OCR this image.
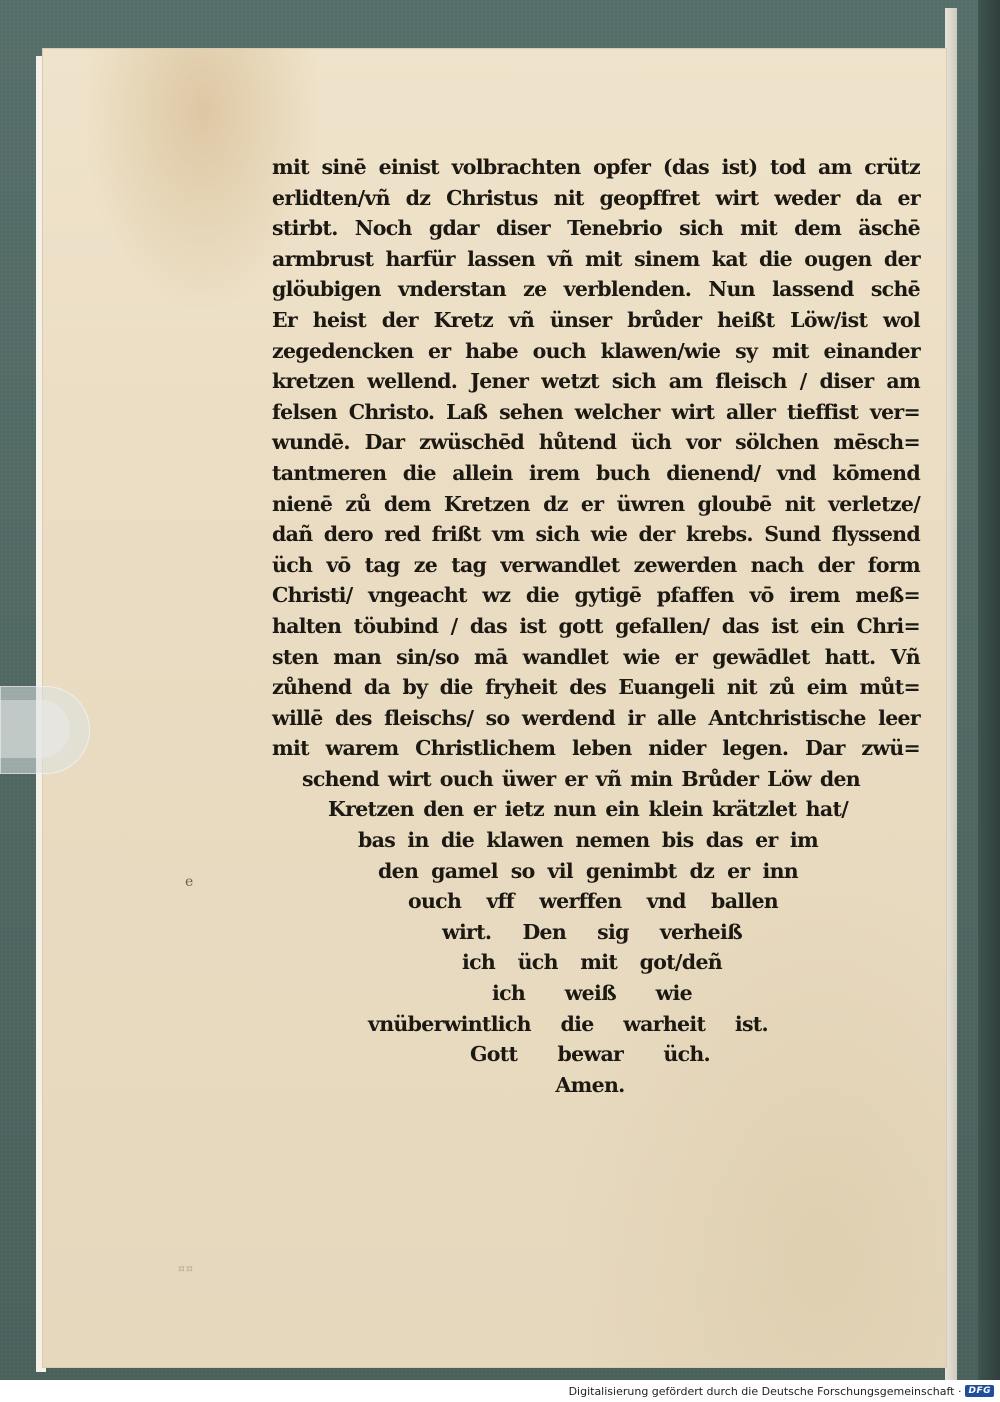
mit sinē einist volbrachten opfer (das ist) tod am crütz
erlidten/vñ dz Christus nit geopffret wirt weder da er
stirbt. Noch gdar diser Tenebrio sich mit dem äschē
armbrust harfür lassen vñ mit sinem kat die ougen der
glöubigen vnderstan ze verblenden. Nun lassend schē
Er heist der Kretz vñ ünser brůder heißt Löw/ist wol
zegedencken er habe ouch klawen/wie sy mit einander
kretzen wellend. Jener wetzt sich am fleisch / diser am
felsen Christo. Laß sehen welcher wirt aller tieffist ver=
wundē. Dar zwüschēd hůtend üch vor sölchen mēsch=
tantmeren die allein irem buch dienend/ vnd kōmend
nienē zů dem Kretzen dz er üwren gloubē nit verletze/
dañ dero red frißt vm sich wie der krebs. Sund flyssend
üch vō tag ze tag verwandlet zewerden nach der form
Christi/ vngeacht wz die gytigē pfaffen vō irem meß=
halten töubind / das ist gott gefallen/ das ist ein Chri=
sten man sin/so mā wandlet wie er gewādlet hatt. Vñ
zůhend da by die fryheit des Euangeli nit zů eim můt=
willē des fleischs/ so werdend ir alle Antchristische leer
mit warem Christlichem leben nider legen. Dar zwü=
schend wirt ouch üwer er vñ min Brůder Löw den
Kretzen den er ietz nun ein klein krätzlet hat/
bas in die klawen nemen bis das er im
den gamel so vil genimbt dz er inn
ouch vff werffen vnd ballen
wirt. Den sig verheiß
ich üch mit got/deñ
ich weiß wie
vnüberwintlich die warheit ist.
Gott bewar üch.
Amen.
e
¤¤
Digitalisierung gefördert durch die Deutsche Forschungsgemeinschaft · DFG
